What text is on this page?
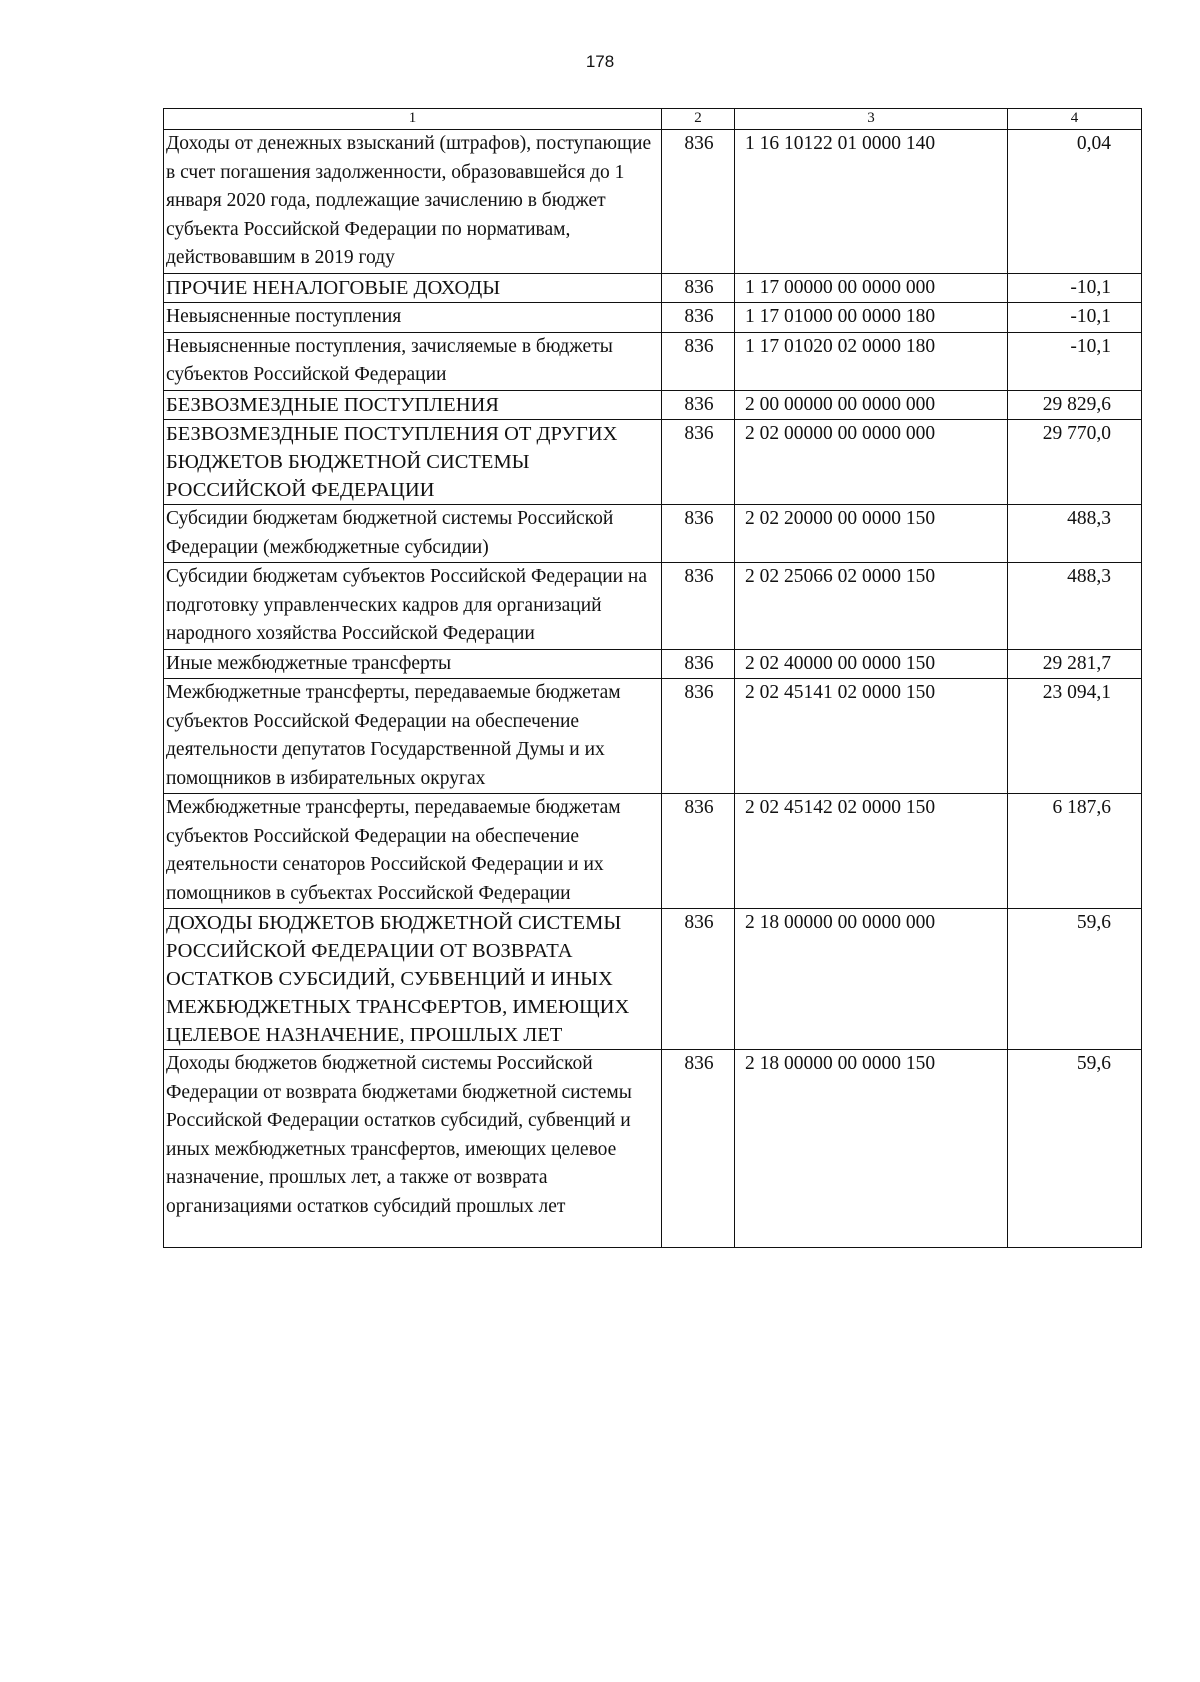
178
1	2	3	4
Доходы от денежных взысканий (штрафов), поступающие в счет погашения задолженности, образовавшейся до 1 января 2020 года, подлежащие зачислению в бюджет субъекта Российской Федерации по нормативам, действовавшим в 2019 году	836	1 16 10122 01 0000 140	0,04
ПРОЧИЕ НЕНАЛОГОВЫЕ ДОХОДЫ	836	1 17 00000 00 0000 000	-10,1
Невыясненные поступления	836	1 17 01000 00 0000 180	-10,1
Невыясненные поступления, зачисляемые в бюджеты субъектов Российской Федерации	836	1 17 01020 02 0000 180	-10,1
БЕЗВОЗМЕЗДНЫЕ ПОСТУПЛЕНИЯ	836	2 00 00000 00 0000 000	29 829,6
БЕЗВОЗМЕЗДНЫЕ ПОСТУПЛЕНИЯ ОТ ДРУГИХ БЮДЖЕТОВ БЮДЖЕТНОЙ СИСТЕМЫ РОССИЙСКОЙ ФЕДЕРАЦИИ	836	2 02 00000 00 0000 000	29 770,0
Субсидии бюджетам бюджетной системы Российской Федерации (межбюджетные субсидии)	836	2 02 20000 00 0000 150	488,3
Субсидии бюджетам субъектов Российской Федерации на подготовку управленческих кадров для организаций народного хозяйства Российской Федерации	836	2 02 25066 02 0000 150	488,3
Иные межбюджетные трансферты	836	2 02 40000 00 0000 150	29 281,7
Межбюджетные трансферты, передаваемые бюджетам субъектов Российской Федерации на обеспечение деятельности депутатов Государственной Думы и их помощников в избирательных округах	836	2 02 45141 02 0000 150	23 094,1
Межбюджетные трансферты, передаваемые бюджетам субъектов Российской Федерации на обеспечение деятельности сенаторов Российской Федерации и их помощников в субъектах Российской Федерации	836	2 02 45142 02 0000 150	6 187,6
ДОХОДЫ БЮДЖЕТОВ БЮДЖЕТНОЙ СИСТЕМЫ РОССИЙСКОЙ ФЕДЕРАЦИИ ОТ ВОЗВРАТА ОСТАТКОВ СУБСИДИЙ, СУБВЕНЦИЙ И ИНЫХ МЕЖБЮДЖЕТНЫХ ТРАНСФЕРТОВ, ИМЕЮЩИХ ЦЕЛЕВОЕ НАЗНАЧЕНИЕ, ПРОШЛЫХ ЛЕТ	836	2 18 00000 00 0000 000	59,6
Доходы бюджетов бюджетной системы Российской Федерации от возврата бюджетами бюджетной системы Российской Федерации остатков субсидий, субвенций и иных межбюджетных трансфертов, имеющих целевое назначение, прошлых лет, а также от возврата организациями остатков субсидий прошлых лет	836	2 18 00000 00 0000 150	59,6
